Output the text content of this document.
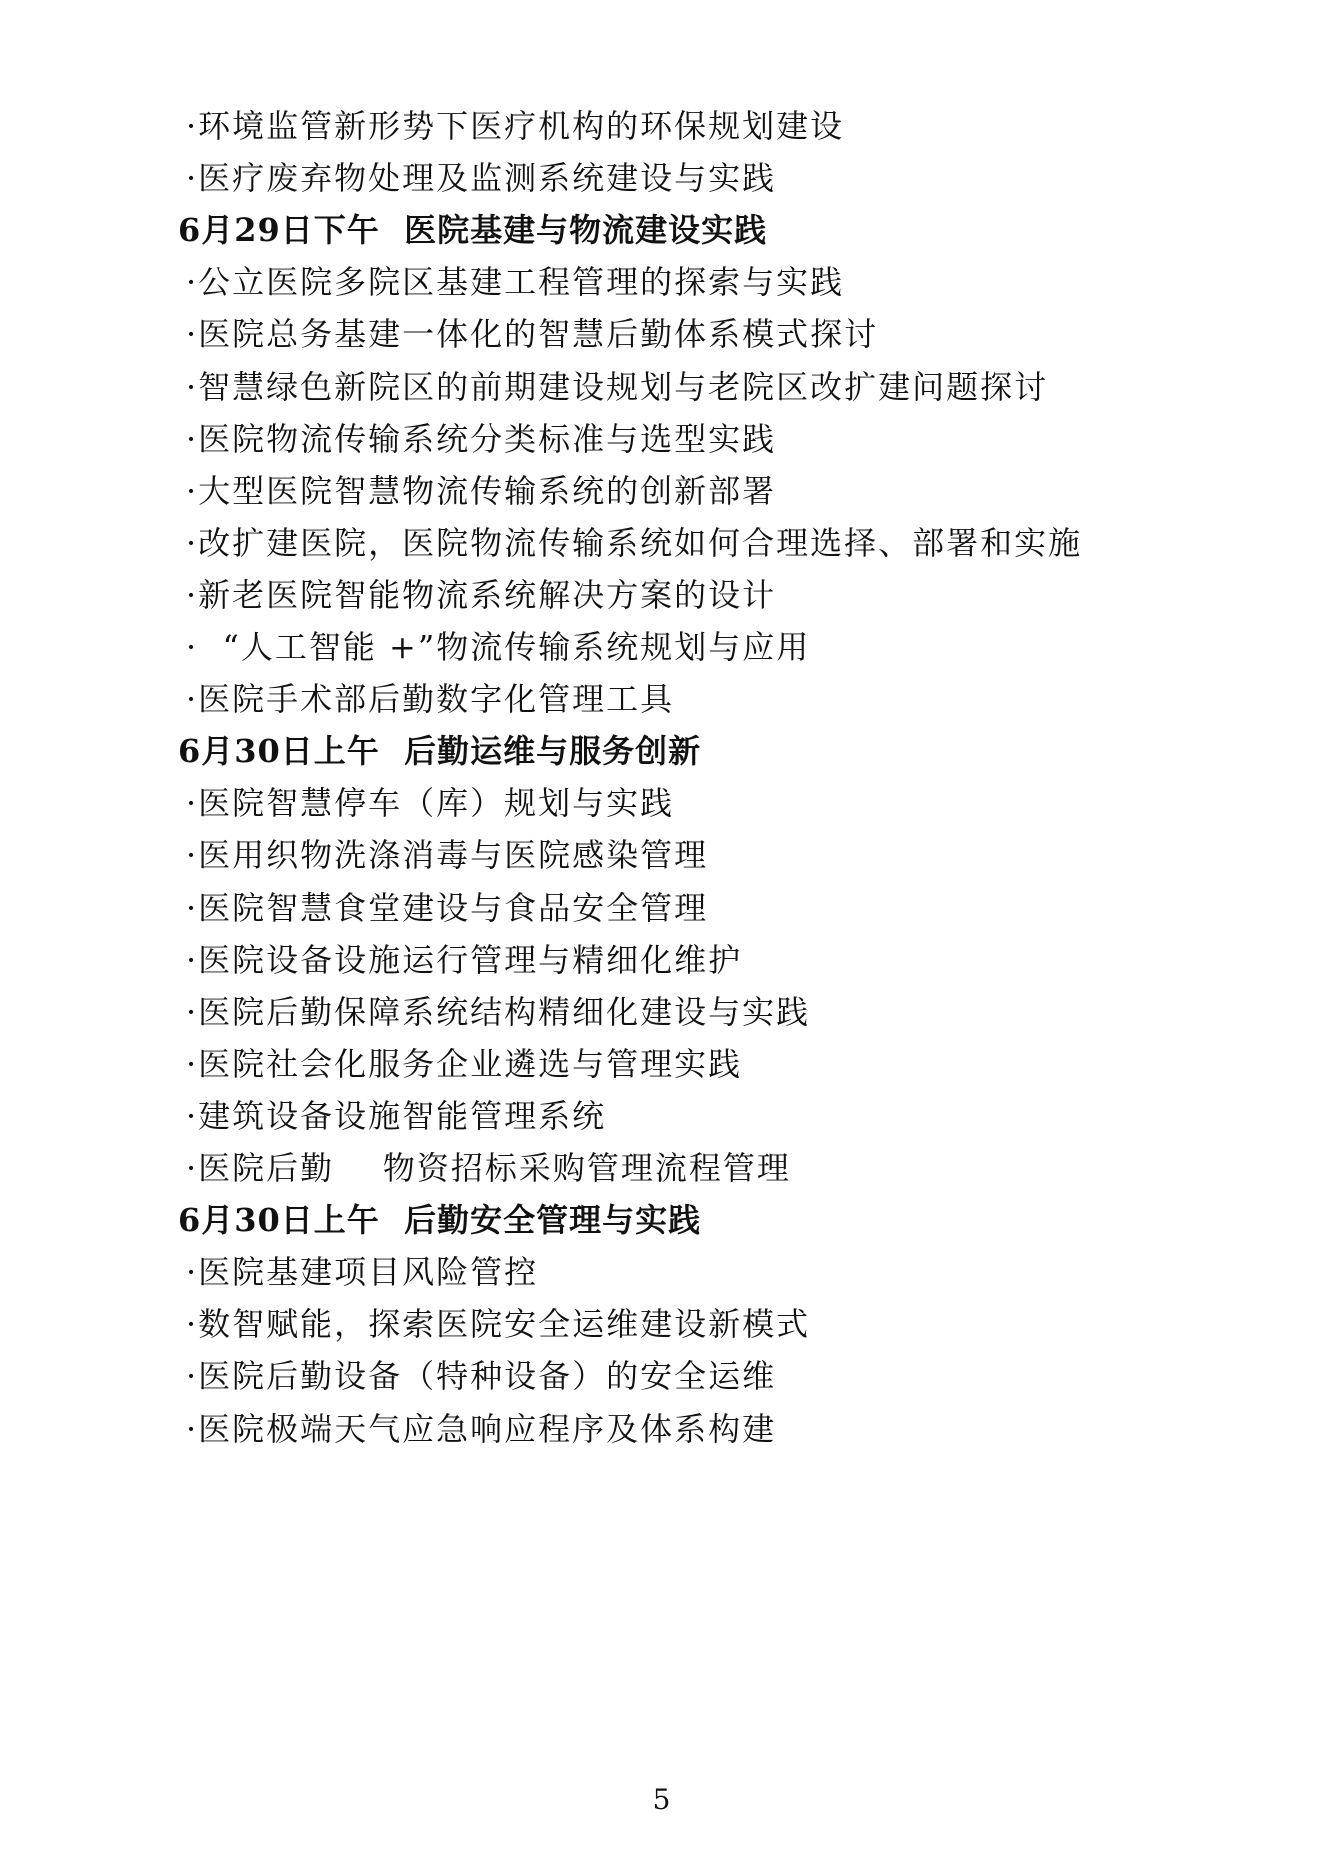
·环境监管新形势下医疗机构的环保规划建设
·医疗废弃物处理及监测系统建设与实践
6月29日下午  医院基建与物流建设实践
·公立医院多院区基建工程管理的探索与实践
·医院总务基建一体化的智慧后勤体系模式探讨
·智慧绿色新院区的前期建设规划与老院区改扩建问题探讨
·医院物流传输系统分类标准与选型实践
·大型医院智慧物流传输系统的创新部署
·改扩建医院，医院物流传输系统如何合理选择、部署和实施
·新老医院智能物流系统解决方案的设计
·  “人工智能 +”物流传输系统规划与应用
·医院手术部后勤数字化管理工具
6月30日上午  后勤运维与服务创新
·医院智慧停车（库）规划与实践
·医用织物洗涤消毒与医院感染管理
·医院智慧食堂建设与食品安全管理
·医院设备设施运行管理与精细化维护
·医院后勤保障系统结构精细化建设与实践
·医院社会化服务企业遴选与管理实践
·建筑设备设施智能管理系统
·医院后勤    物资招标采购管理流程管理
6月30日上午  后勤安全管理与实践
·医院基建项目风险管控
·数智赋能，探索医院安全运维建设新模式
·医院后勤设备（特种设备）的安全运维
·医院极端天气应急响应程序及体系构建
5
